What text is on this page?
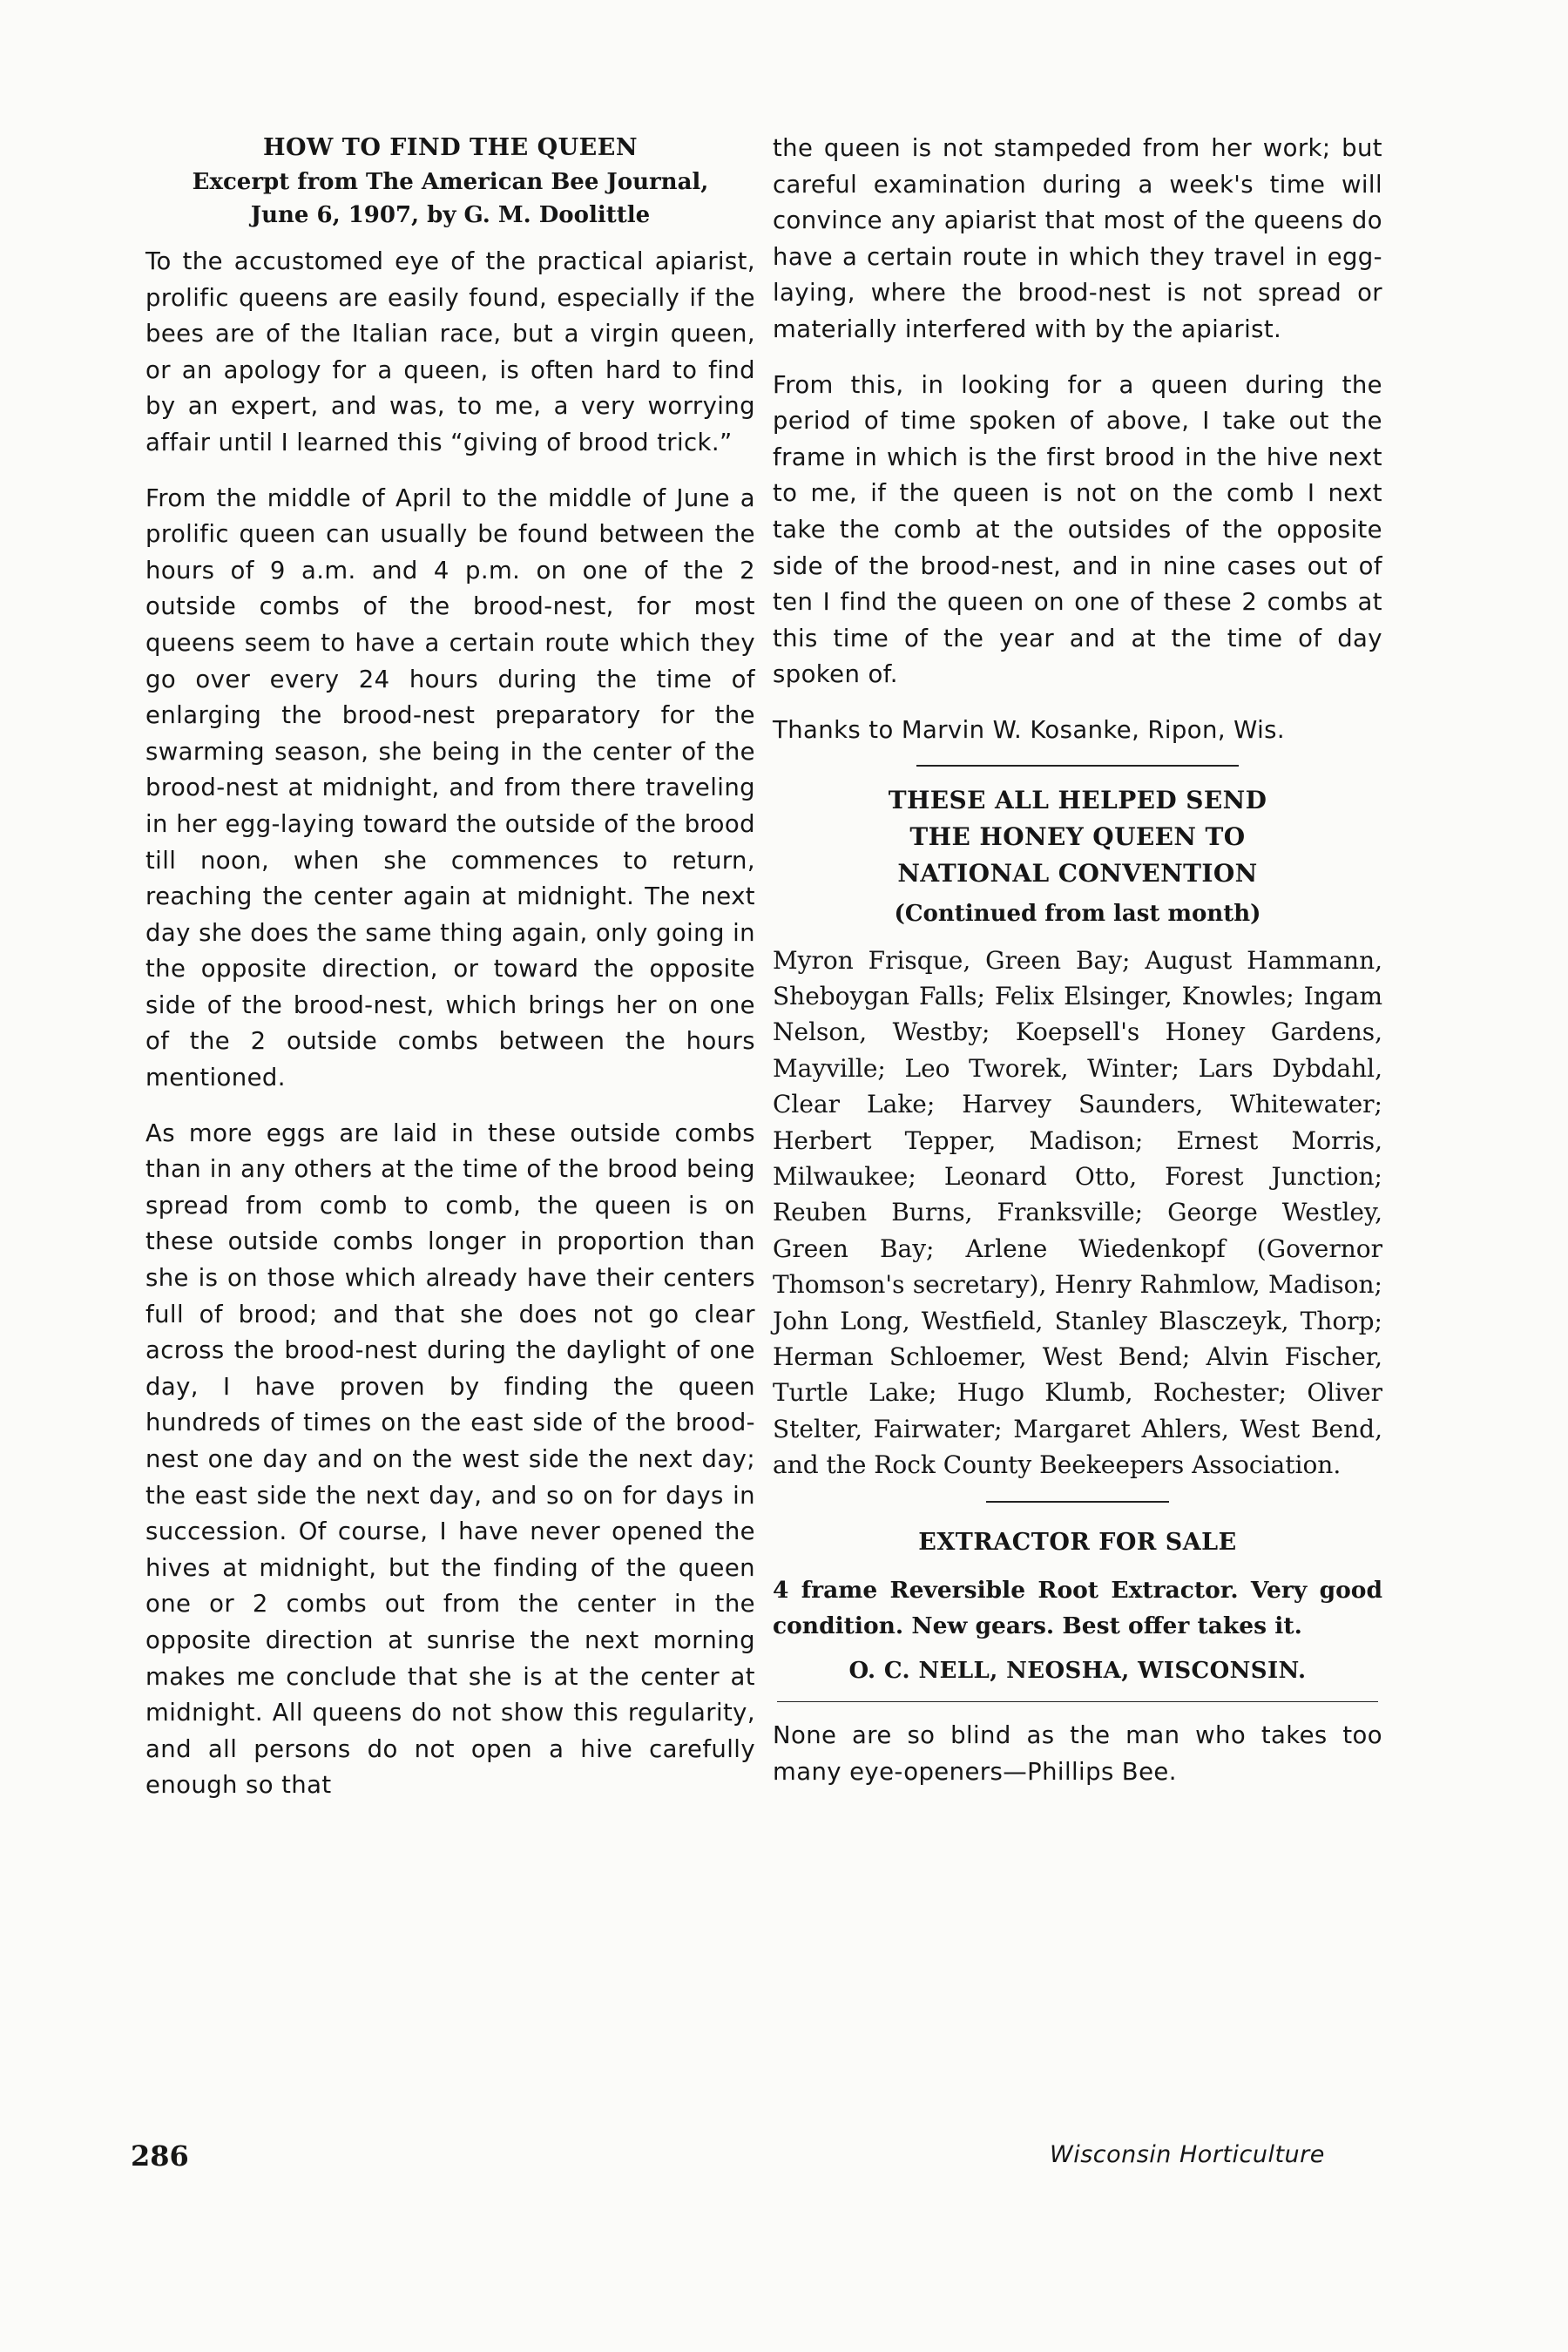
HOW TO FIND THE QUEEN
Excerpt from The American Bee Journal,
June 6, 1907, by G. M. Doolittle

To the accustomed eye of the practical apiarist, prolific queens are easily found, especially if the bees are of the Italian race, but a virgin queen, or an apology for a queen, is often hard to find by an expert, and was, to me, a very worrying affair until I learned this “giving of brood trick.”

From the middle of April to the middle of June a prolific queen can usually be found between the hours of 9 a.m. and 4 p.m. on one of the 2 outside combs of the brood-nest, for most queens seem to have a certain route which they go over every 24 hours during the time of enlarging the brood-nest preparatory for the swarming season, she being in the center of the brood-nest at midnight, and from there traveling in her egg-laying toward the outside of the brood till noon, when she commences to return, reaching the center again at midnight. The next day she does the same thing again, only going in the opposite direction, or toward the opposite side of the brood-nest, which brings her on one of the 2 outside combs between the hours mentioned.

As more eggs are laid in these outside combs than in any others at the time of the brood being spread from comb to comb, the queen is on these outside combs longer in proportion than she is on those which already have their centers full of brood; and that she does not go clear across the brood-nest during the daylight of one day, I have proven by finding the queen hundreds of times on the east side of the brood-nest one day and on the west side the next day; the east side the next day, and so on for days in succession. Of course, I have never opened the hives at midnight, but the finding of the queen one or 2 combs out from the center in the opposite direction at sunrise the next morning makes me conclude that she is at the center at midnight. All queens do not show this regularity, and all persons do not open a hive carefully enough so that

the queen is not stampeded from her work; but careful examination during a week's time will convince any apiarist that most of the queens do have a certain route in which they travel in egg-laying, where the brood-nest is not spread or materially interfered with by the apiarist.

From this, in looking for a queen during the period of time spoken of above, I take out the frame in which is the first brood in the hive next to me, if the queen is not on the comb I next take the comb at the outsides of the opposite side of the brood-nest, and in nine cases out of ten I find the queen on one of these 2 combs at this time of the year and at the time of day spoken of.

Thanks to Marvin W. Kosanke, Ripon, Wis.

THESE ALL HELPED SEND
THE HONEY QUEEN TO
NATIONAL CONVENTION
(Continued from last month)

Myron Frisque, Green Bay; August Hammann, Sheboygan Falls; Felix Elsinger, Knowles; Ingam Nelson, Westby; Koepsell's Honey Gardens, Mayville; Leo Tworek, Winter; Lars Dybdahl, Clear Lake; Harvey Saunders, Whitewater; Herbert Tepper, Madison; Ernest Morris, Milwaukee; Leonard Otto, Forest Junction; Reuben Burns, Franksville; George Westley, Green Bay; Arlene Wiedenkopf (Governor Thomson's secretary), Henry Rahmlow, Madison; John Long, Westfield, Stanley Blasczeyk, Thorp; Herman Schloemer, West Bend; Alvin Fischer, Turtle Lake; Hugo Klumb, Rochester; Oliver Stelter, Fairwater; Margaret Ahlers, West Bend, and the Rock County Beekeepers Association.

EXTRACTOR FOR SALE

4 frame Reversible Root Extractor. Very good condition. New gears. Best offer takes it.

O. C. NELL, NEOSHA, WISCONSIN.

None are so blind as the man who takes too many eye-openers—Phillips Bee.

286	Wisconsin Horticulture
